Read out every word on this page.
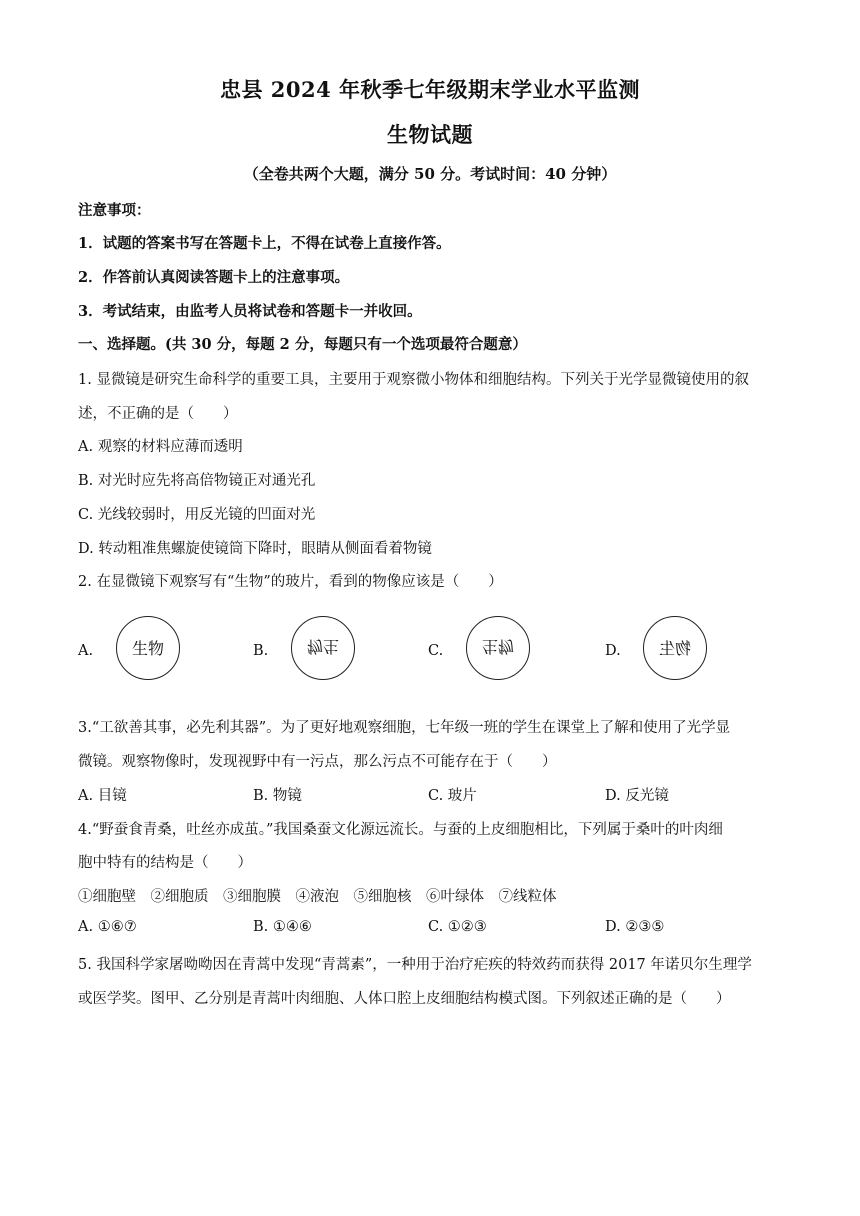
忠县 2024 年秋季七年级期末学业水平监测
生物试题
（全卷共两个大题，满分 50 分。考试时间：40 分钟）
注意事项：
1．试题的答案书写在答题卡上，不得在试卷上直接作答。
2．作答前认真阅读答题卡上的注意事项。
3．考试结束，由监考人员将试卷和答题卡一并收回。
一、选择题。(共 30 分，每题 2 分，每题只有一个选项最符合题意）
1. 显微镜是研究生命科学的重要工具，主要用于观察微小物体和细胞结构。下列关于光学显微镜使用的叙
述，不正确的是（　　）
A. 观察的材料应薄而透明
B. 对光时应先将高倍物镜正对通光孔
C. 光线较弱时，用反光镜的凹面对光
D. 转动粗准焦螺旋使镜筒下降时，眼睛从侧面看着物镜
2. 在显微镜下观察写有“生物”的玻片，看到的物像应该是（　　）
A.	生物	B.	物生	C.	生物	D.	物生
3.“工欲善其事，必先利其器”。为了更好地观察细胞，七年级一班的学生在课堂上了解和使用了光学显
微镜。观察物像时，发现视野中有一污点，那么污点不可能存在于（　　）
A. 目镜	B. 物镜	C. 玻片	D. 反光镜
4.“野蚕食青桑，吐丝亦成茧。”我国桑蚕文化源远流长。与蚕的上皮细胞相比，下列属于桑叶的叶肉细
胞中特有的结构是（　　）
①细胞壁　②细胞质　③细胞膜　④液泡　⑤细胞核　⑥叶绿体　⑦线粒体
A. ①⑥⑦	B. ①④⑥	C. ①②③	D. ②③⑤
5. 我国科学家屠呦呦因在青蒿中发现“青蒿素”，一种用于治疗疟疾的特效药而获得 2017 年诺贝尔生理学
或医学奖。图甲、乙分别是青蒿叶肉细胞、人体口腔上皮细胞结构模式图。下列叙述正确的是（　　）
